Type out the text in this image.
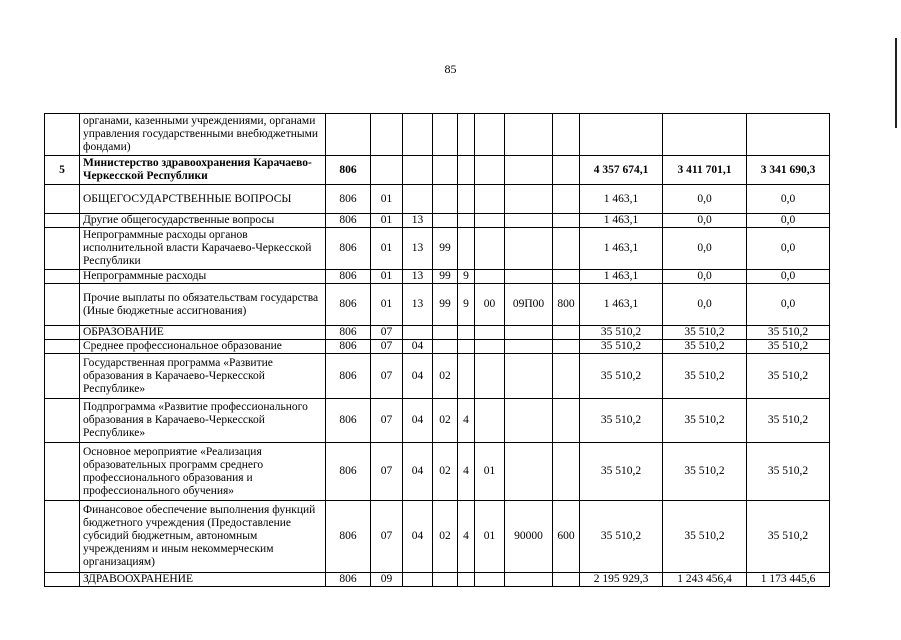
85
	органами, казенными учреждениями, органами управления государственными внебюджетными фондами)											
5	Министерство здравоохранения Карачаево-Черкесской Республики	806								4 357 674,1	3 411 701,1	3 341 690,3
	ОБЩЕГОСУДАРСТВЕННЫЕ ВОПРОСЫ	806	01							1 463,1	0,0	0,0
	Другие общегосударственные вопросы	806	01	13						1 463,1	0,0	0,0
	Непрограммные расходы органов исполнительной власти Карачаево-Черкесской Республики	806	01	13	99					1 463,1	0,0	0,0
	Непрограммные расходы	806	01	13	99	9				1 463,1	0,0	0,0
	Прочие выплаты по обязательствам государства (Иные бюджетные ассигнования)	806	01	13	99	9	00	09П00	800	1 463,1	0,0	0,0
	ОБРАЗОВАНИЕ	806	07							35 510,2	35 510,2	35 510,2
	Среднее профессиональное образование	806	07	04						35 510,2	35 510,2	35 510,2
	Государственная программа «Развитие образования в Карачаево-Черкесской Республике»	806	07	04	02					35 510,2	35 510,2	35 510,2
	Подпрограмма «Развитие профессионального образования в Карачаево-Черкесской Республике»	806	07	04	02	4				35 510,2	35 510,2	35 510,2
	Основное мероприятие «Реализация образовательных программ среднего профессионального образования и профессионального обучения»	806	07	04	02	4	01			35 510,2	35 510,2	35 510,2
	Финансовое обеспечение выполнения функций бюджетного учреждения (Предоставление субсидий бюджетным, автономным учреждениям и иным некоммерческим организациям)	806	07	04	02	4	01	90000	600	35 510,2	35 510,2	35 510,2
	ЗДРАВООХРАНЕНИЕ	806	09							2 195 929,3	1 243 456,4	1 173 445,6
